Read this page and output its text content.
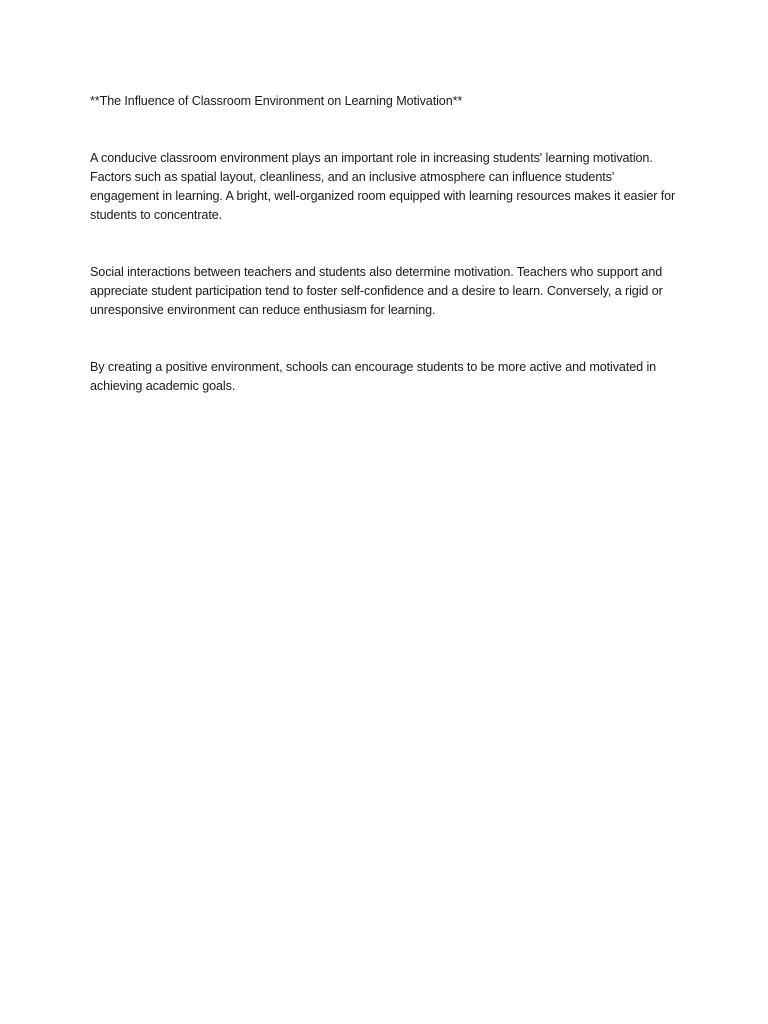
**The Influence of Classroom Environment on Learning Motivation**

A conducive classroom environment plays an important role in increasing students' learning motivation. Factors such as spatial layout, cleanliness, and an inclusive atmosphere can influence students' engagement in learning. A bright, well-organized room equipped with learning resources makes it easier for students to concentrate.

Social interactions between teachers and students also determine motivation. Teachers who support and appreciate student participation tend to foster self-confidence and a desire to learn. Conversely, a rigid or unresponsive environment can reduce enthusiasm for learning.

By creating a positive environment, schools can encourage students to be more active and motivated in achieving academic goals.
